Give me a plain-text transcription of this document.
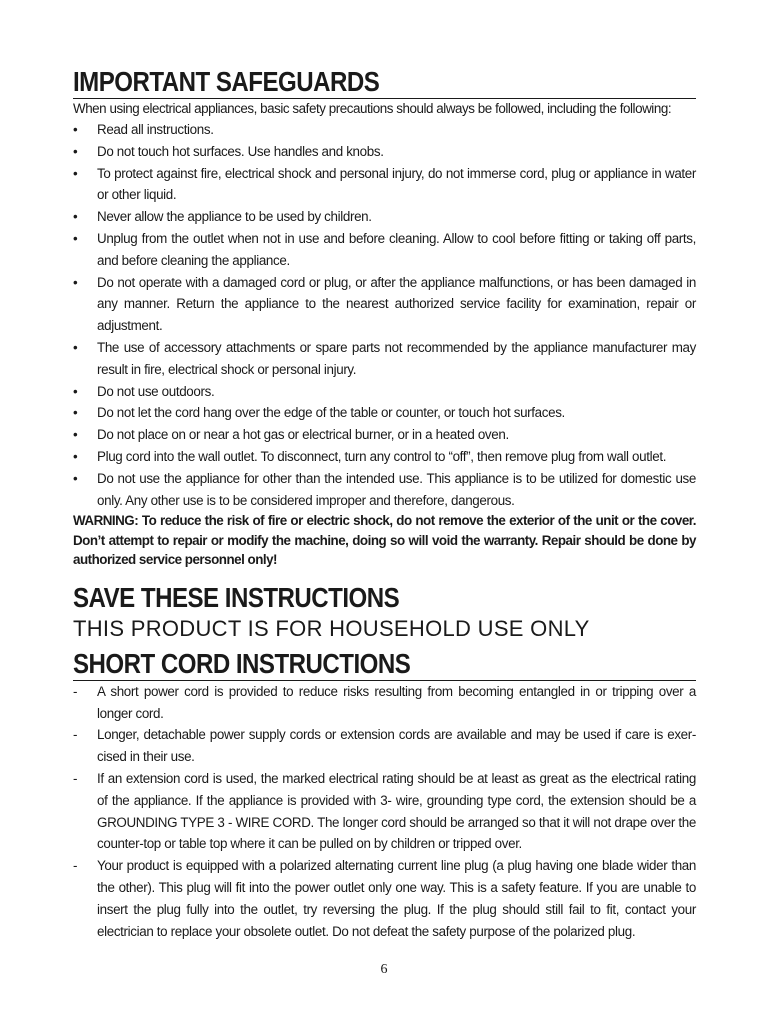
IMPORTANT SAFEGUARDS
When using electrical appliances, basic safety precautions should always be followed, including the following:
•	Read all instructions.
•	Do not touch hot surfaces. Use handles and knobs.
•	To protect against fire, electrical shock and personal injury, do not immerse cord, plug or appliance in water or other liquid.
•	Never allow the appliance to be used by children.
•	Unplug from the outlet when not in use and before cleaning. Allow to cool before fitting or taking off parts, and before cleaning the appliance.
•	Do not operate with a damaged cord or plug, or after the appliance malfunctions, or has been damaged in any manner. Return the appliance to the nearest authorized service facility for examination, repair or adjustment.
•	The use of accessory attachments or spare parts not recommended by the appliance manufacturer may result in fire, electrical shock or personal injury.
•	Do not use outdoors.
•	Do not let the cord hang over the edge of the table or counter, or touch hot surfaces.
•	Do not place on or near a hot gas or electrical burner, or in a heated oven.
•	Plug cord into the wall outlet. To disconnect, turn any control to “off”, then remove plug from wall outlet.
•	Do not use the appliance for other than the intended use. This appliance is to be utilized for domestic use only. Any other use is to be considered improper and therefore, dangerous.
WARNING: To reduce the risk of fire or electric shock, do not remove the exterior of the unit or the cover. Don’t attempt to repair or modify the machine, doing so will void the warranty. Repair should be done by authorized service personnel only!
SAVE THESE INSTRUCTIONS
THIS PRODUCT IS FOR HOUSEHOLD USE ONLY
SHORT CORD INSTRUCTIONS
-	A short power cord is provided to reduce risks resulting from becoming entangled in or tripping over a longer cord.
-	Longer, detachable power supply cords or extension cords are available and may be used if care is exer-cised in their use.
-	If an extension cord is used, the marked electrical rating should be at least as great as the electrical rating of the appliance. If the appliance is provided with 3- wire, grounding type cord, the extension should be a GROUNDING TYPE 3 - WIRE CORD. The longer cord should be arranged so that it will not drape over the counter-top or table top where it can be pulled on by children or tripped over.
-	Your product is equipped with a polarized alternating current line plug (a plug having one blade wider than the other). This plug will fit into the power outlet only one way. This is a safety feature. If you are unable to insert the plug fully into the outlet, try reversing the plug. If the plug should still fail to fit, contact your electrician to replace your obsolete outlet. Do not defeat the safety purpose of the polarized plug.
6
